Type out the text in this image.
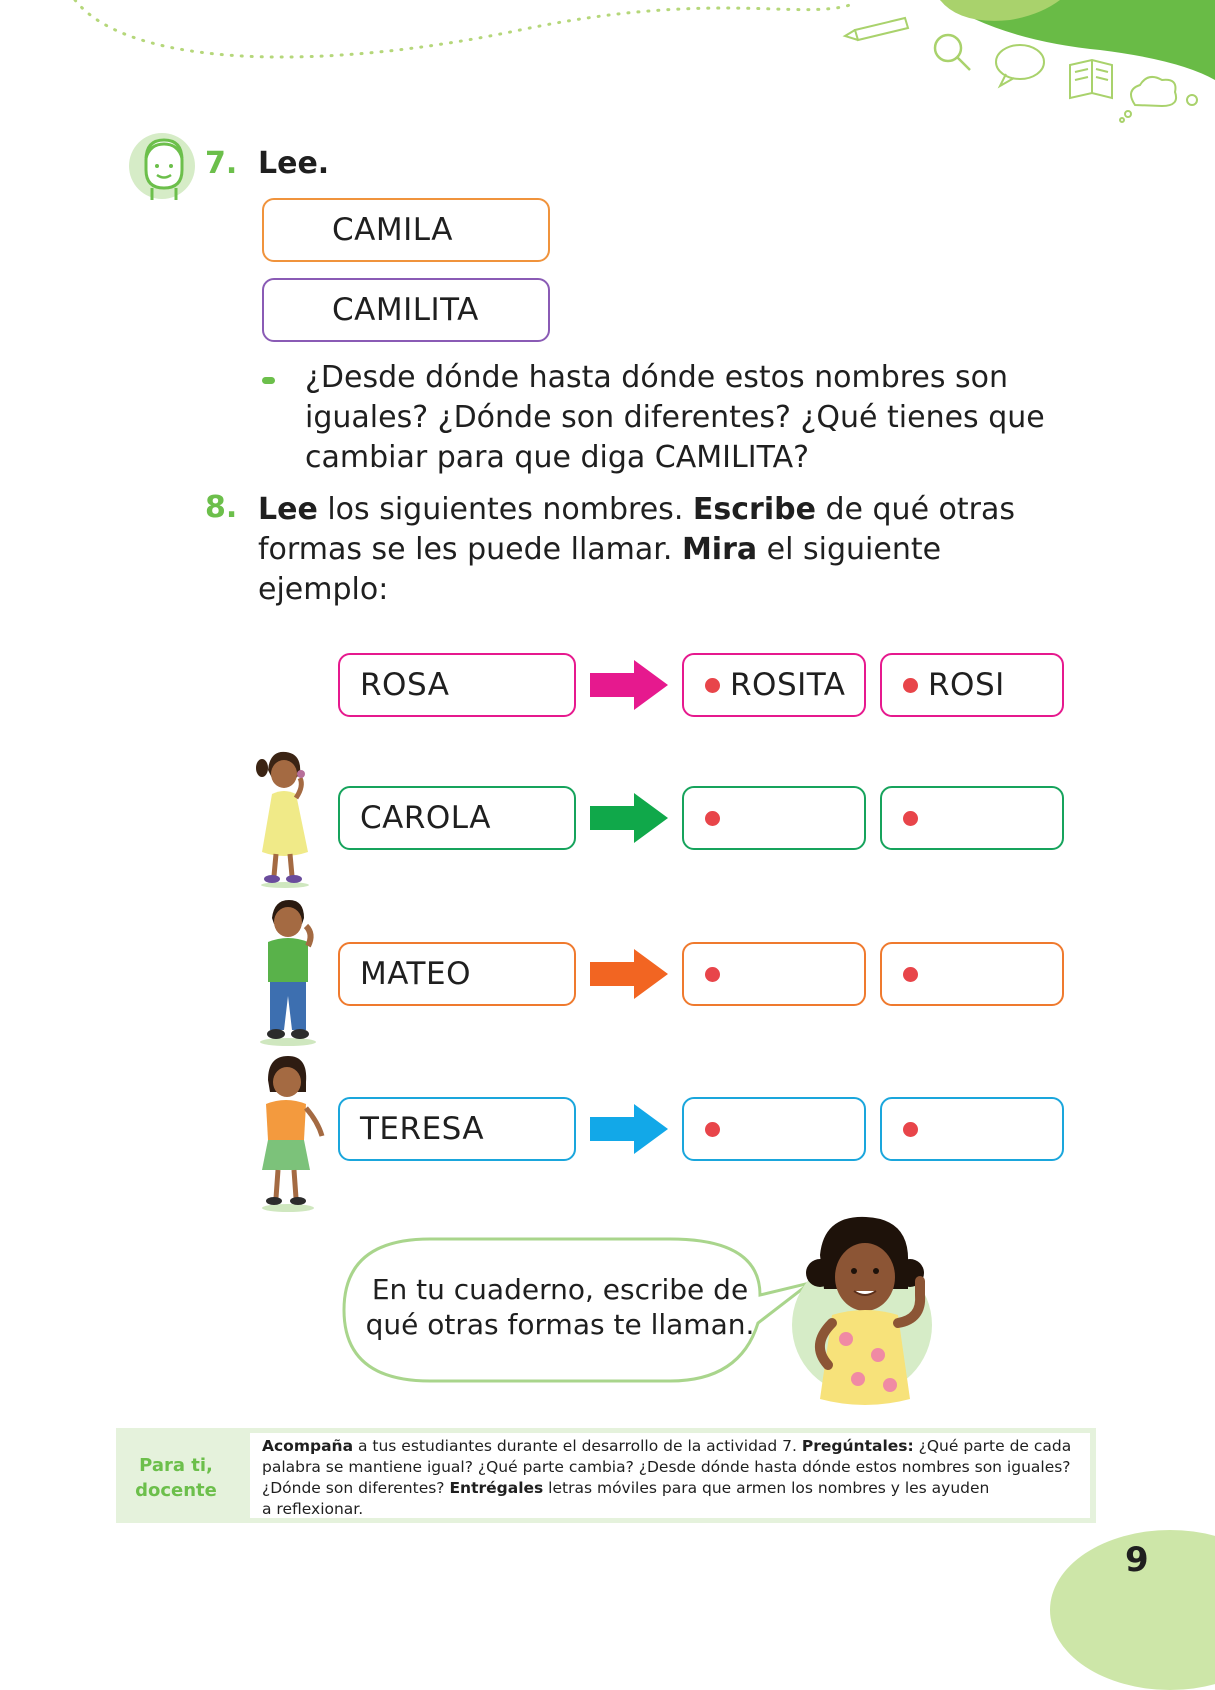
7. Lee.
CAMILA
CAMILITA
¿Desde dónde hasta dónde estos nombres son
iguales? ¿Dónde son diferentes? ¿Qué tienes que
cambiar para que diga CAMILITA?
8. Lee los siguientes nombres. Escribe de qué otras
formas se les puede llamar. Mira el siguiente
ejemplo:
ROSA	ROSITA	ROSI
CAROLA
MATEO
TERESA
En tu cuaderno, escribe de
qué otras formas te llaman.
Para ti,
docente
Acompaña a tus estudiantes durante el desarrollo de la actividad 7. Pregúntales: ¿Qué parte de cada
palabra se mantiene igual? ¿Qué parte cambia? ¿Desde dónde hasta dónde estos nombres son iguales?
¿Dónde son diferentes? Entrégales letras móviles para que armen los nombres y les ayuden
a reflexionar.
9
